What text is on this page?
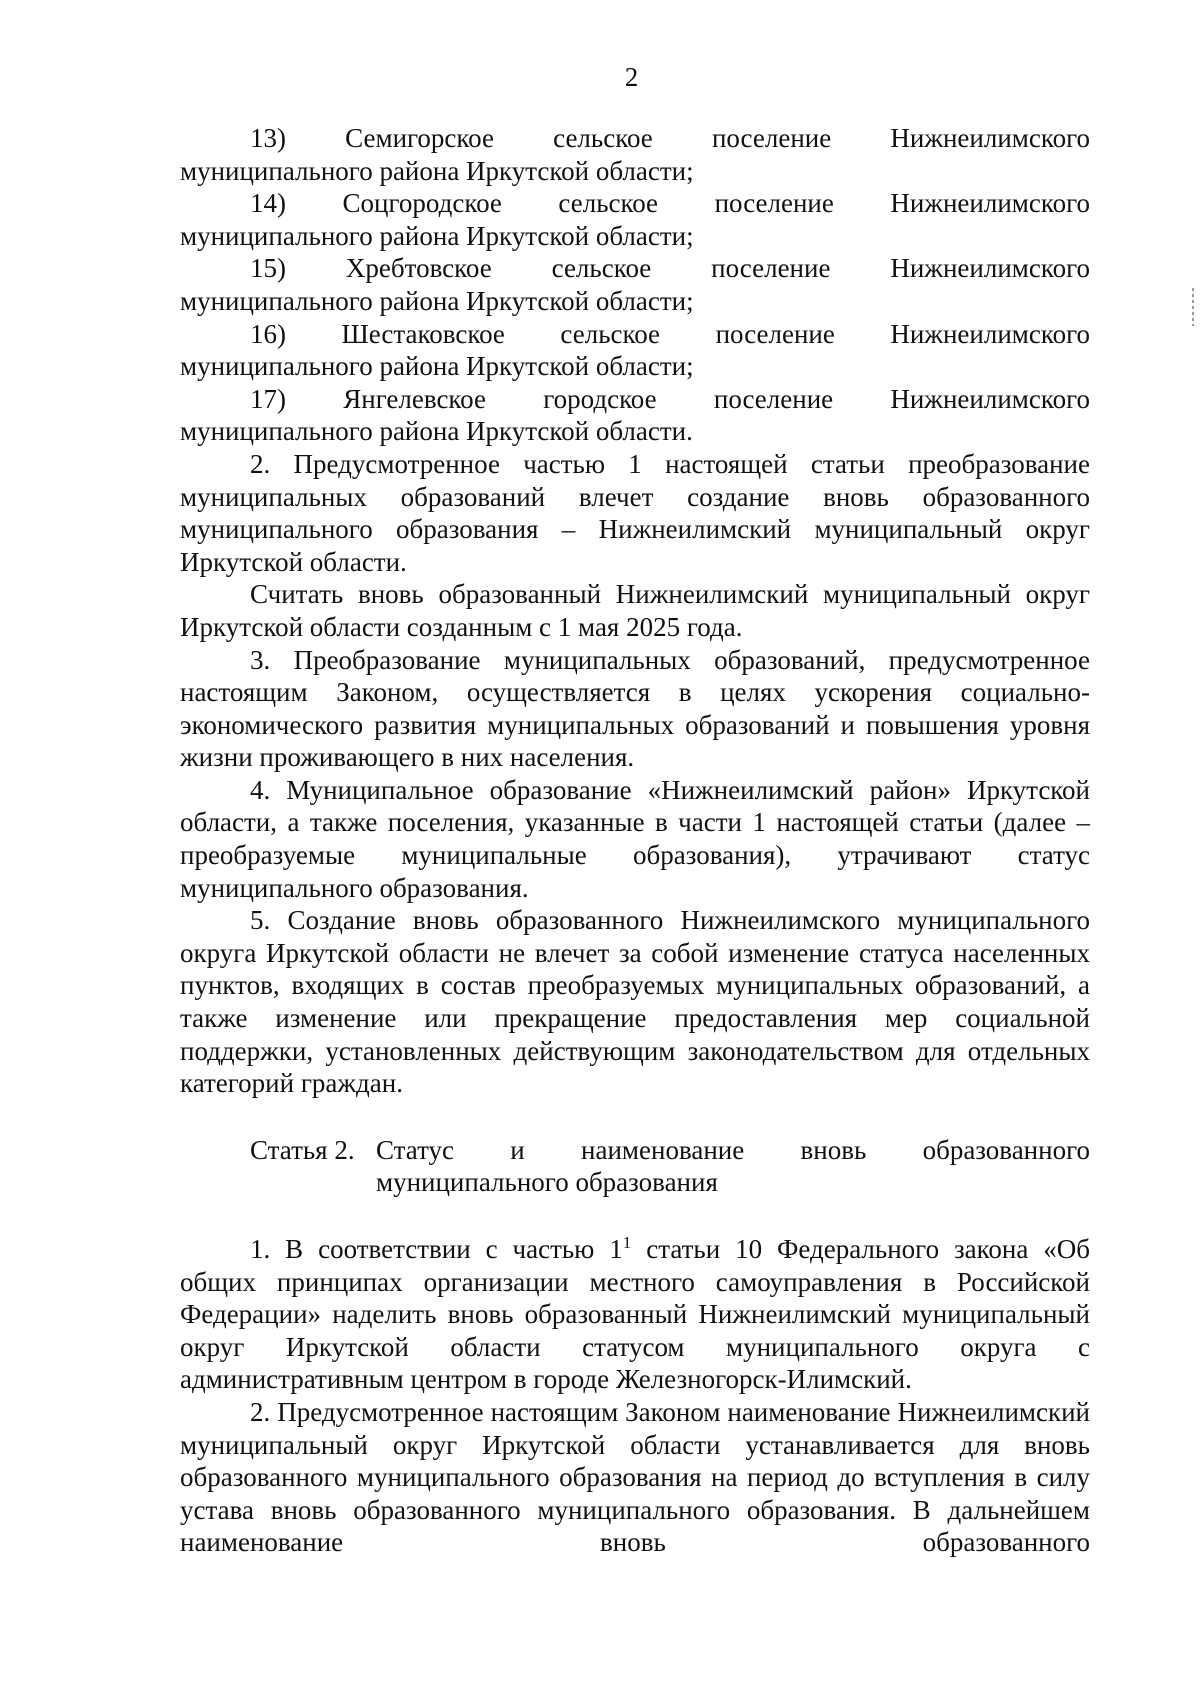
2

13) Семигорское сельское поселение Нижнеилимского

муниципального района Иркутской области;

14) Соцгородское сельское поселение Нижнеилимского

муниципального района Иркутской области;

15) Хребтовское сельское поселение Нижнеилимского

муниципального района Иркутской области;

16) Шестаковское сельское поселение Нижнеилимского

муниципального района Иркутской области;

17) Янгелевское городское поселение Нижнеилимского

муниципального района Иркутской области.

2. Предусмотренное частью 1 настоящей статьи преобразование муниципальных образований влечет создание вновь образованного муниципального образования – Нижнеилимский муниципальный округ Иркутской области.

Считать вновь образованный Нижнеилимский муниципальный округ Иркутской области созданным с 1 мая 2025 года.

3. Преобразование муниципальных образований, предусмотренное настоящим Законом, осуществляется в целях ускорения социально-экономического развития муниципальных образований и повышения уровня жизни проживающего в них населения.

4. Муниципальное образование «Нижнеилимский район» Иркутской области, а также поселения, указанные в части 1 настоящей статьи (далее – преобразуемые муниципальные образования), утрачивают статус муниципального образования.

5. Создание вновь образованного Нижнеилимского муниципального округа Иркутской области не влечет за собой изменение статуса населенных пунктов, входящих в состав преобразуемых муниципальных образований, а также изменение или прекращение предоставления мер социальной поддержки, установленных действующим законодательством для отдельных категорий граждан.

Статья 2. Статус и наименование вновь образованного
муниципального образования

1. В соответствии с частью $1^1$ статьи 10 Федерального закона «Об общих принципах организации местного самоуправления в Российской Федерации» наделить вновь образованный Нижнеилимский муниципальный округ Иркутской области статусом муниципального округа с административным центром в городе Железногорск-Илимский.

2. Предусмотренное настоящим Законом наименование Нижнеилимский муниципальный округ Иркутской области устанавливается для вновь образованного муниципального образования на период до вступления в силу устава вновь образованного муниципального образования. В дальнейшем наименование вновь образованного
